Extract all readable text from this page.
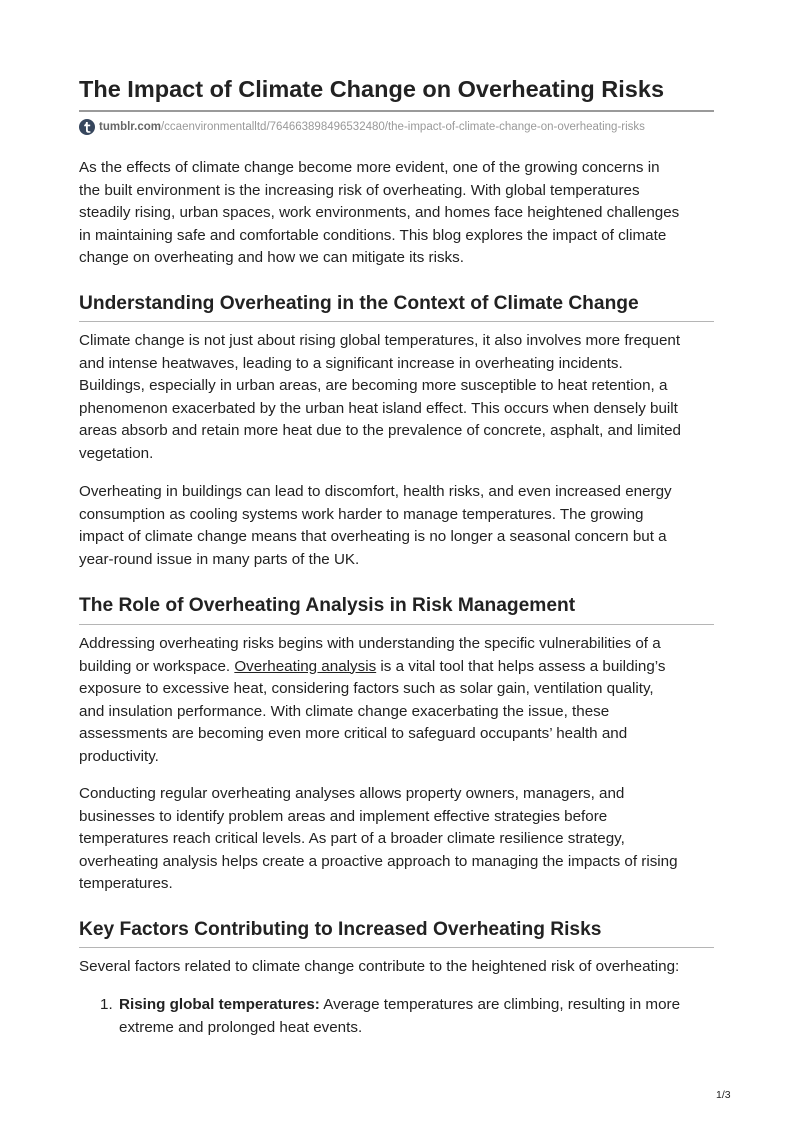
The Impact of Climate Change on Overheating Risks
tumblr.com /ccaenvironmentalltd/764663898496532480/the-impact-of-climate-change-on-overheating-risks

As the effects of climate change become more evident, one of the growing concerns in

the built environment is the increasing risk of overheating. With global temperatures

steadily rising, urban spaces, work environments, and homes face heightened challenges

in maintaining safe and comfortable conditions. This blog explores the impact of climate

change on overheating and how we can mitigate its risks.

Understanding Overheating in the Context of Climate Change

Climate change is not just about rising global temperatures, it also involves more frequent

and intense heatwaves, leading to a significant increase in overheating incidents.

Buildings, especially in urban areas, are becoming more susceptible to heat retention, a

phenomenon exacerbated by the urban heat island effect. This occurs when densely built

areas absorb and retain more heat due to the prevalence of concrete, asphalt, and limited

vegetation.

Overheating in buildings can lead to discomfort, health risks, and even increased energy

consumption as cooling systems work harder to manage temperatures. The growing

impact of climate change means that overheating is no longer a seasonal concern but a

year-round issue in many parts of the UK.

The Role of Overheating Analysis in Risk Management

Addressing overheating risks begins with understanding the specific vulnerabilities of a

building or workspace. Overheating analysis is a vital tool that helps assess a building’s

exposure to excessive heat, considering factors such as solar gain, ventilation quality,

and insulation performance. With climate change exacerbating the issue, these

assessments are becoming even more critical to safeguard occupants’ health and

productivity.

Conducting regular overheating analyses allows property owners, managers, and

businesses to identify problem areas and implement effective strategies before

temperatures reach critical levels. As part of a broader climate resilience strategy,

overheating analysis helps create a proactive approach to managing the impacts of rising

temperatures.

Key Factors Contributing to Increased Overheating Risks

Several factors related to climate change contribute to the heightened risk of overheating:

1. Rising global temperatures: Average temperatures are climbing, resulting in more
extreme and prolonged heat events.
1/3
